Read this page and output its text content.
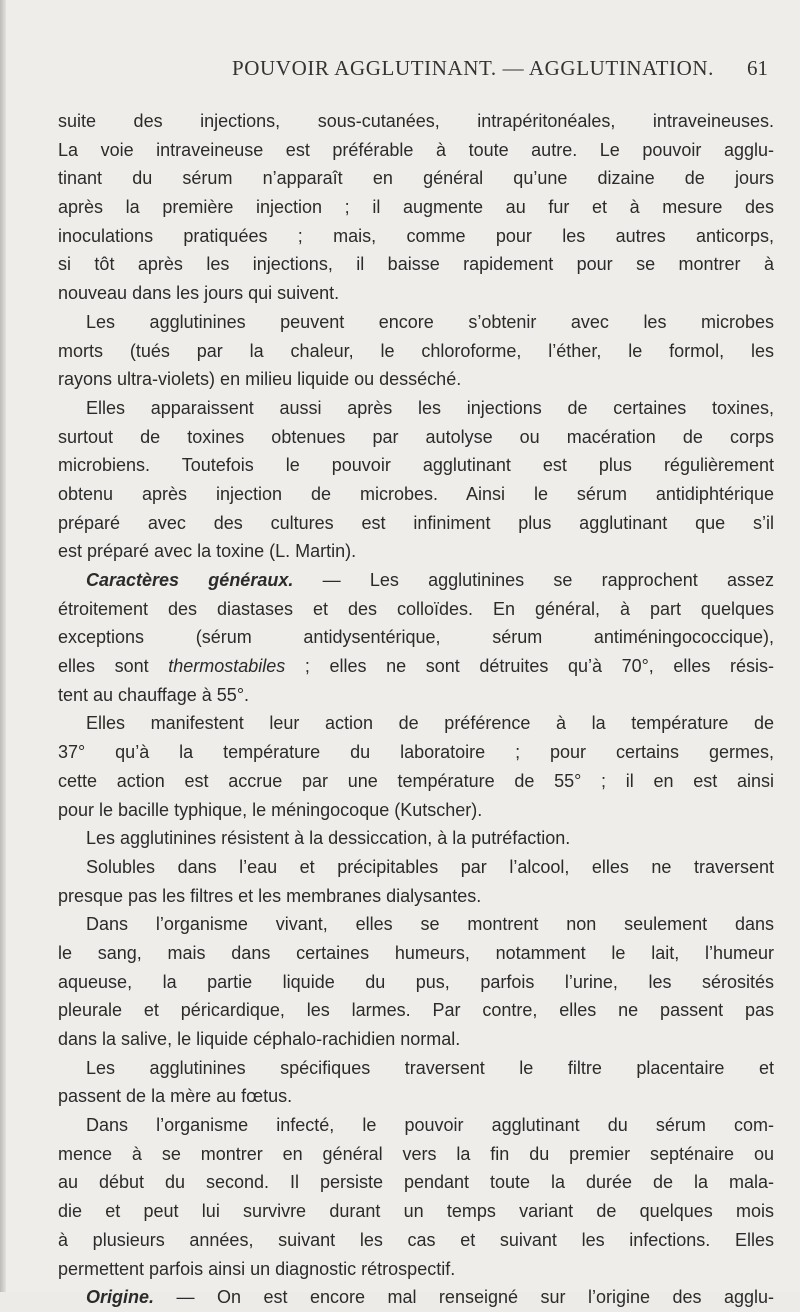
POUVOIR AGGLUTINANT. — AGGLUTINATION. 61
suite des injections, sous-cutanées, intrapéritonéales, intraveineuses.
La voie intraveineuse est préférable à toute autre. Le pouvoir agglu-
tinant du sérum n’apparaît en général qu’une dizaine de jours
après la première injection ; il augmente au fur et à mesure des
inoculations pratiquées ; mais, comme pour les autres anticorps,
si tôt après les injections, il baisse rapidement pour se montrer à
nouveau dans les jours qui suivent.
Les agglutinines peuvent encore s’obtenir avec les microbes
morts (tués par la chaleur, le chloroforme, l’éther, le formol, les
rayons ultra-violets) en milieu liquide ou desséché.
Elles apparaissent aussi après les injections de certaines toxines,
surtout de toxines obtenues par autolyse ou macération de corps
microbiens. Toutefois le pouvoir agglutinant est plus régulièrement
obtenu après injection de microbes. Ainsi le sérum antidiphtérique
préparé avec des cultures est infiniment plus agglutinant que s’il
est préparé avec la toxine (L. Martin).
Caractères généraux. — Les agglutinines se rapprochent assez
étroitement des diastases et des colloïdes. En général, à part quelques
exceptions (sérum antidysentérique, sérum antiméningococcique),
elles sont thermostabiles ; elles ne sont détruites qu’à 70°, elles résis-
tent au chauffage à 55°.
Elles manifestent leur action de préférence à la température de
37° qu’à la température du laboratoire ; pour certains germes,
cette action est accrue par une température de 55° ; il en est ainsi
pour le bacille typhique, le méningocoque (Kutscher).
Les agglutinines résistent à la dessiccation, à la putréfaction.
Solubles dans l’eau et précipitables par l’alcool, elles ne traversent
presque pas les filtres et les membranes dialysantes.
Dans l’organisme vivant, elles se montrent non seulement dans
le sang, mais dans certaines humeurs, notamment le lait, l’humeur
aqueuse, la partie liquide du pus, parfois l’urine, les sérosités
pleurale et péricardique, les larmes. Par contre, elles ne passent pas
dans la salive, le liquide céphalo-rachidien normal.
Les agglutinines spécifiques traversent le filtre placentaire et
passent de la mère au fœtus.
Dans l’organisme infecté, le pouvoir agglutinant du sérum com-
mence à se montrer en général vers la fin du premier septénaire ou
au début du second. Il persiste pendant toute la durée de la mala-
die et peut lui survivre durant un temps variant de quelques mois
à plusieurs années, suivant les cas et suivant les infections. Elles
permettent parfois ainsi un diagnostic rétrospectif.
Origine. — On est encore mal renseigné sur l’origine des agglu-
